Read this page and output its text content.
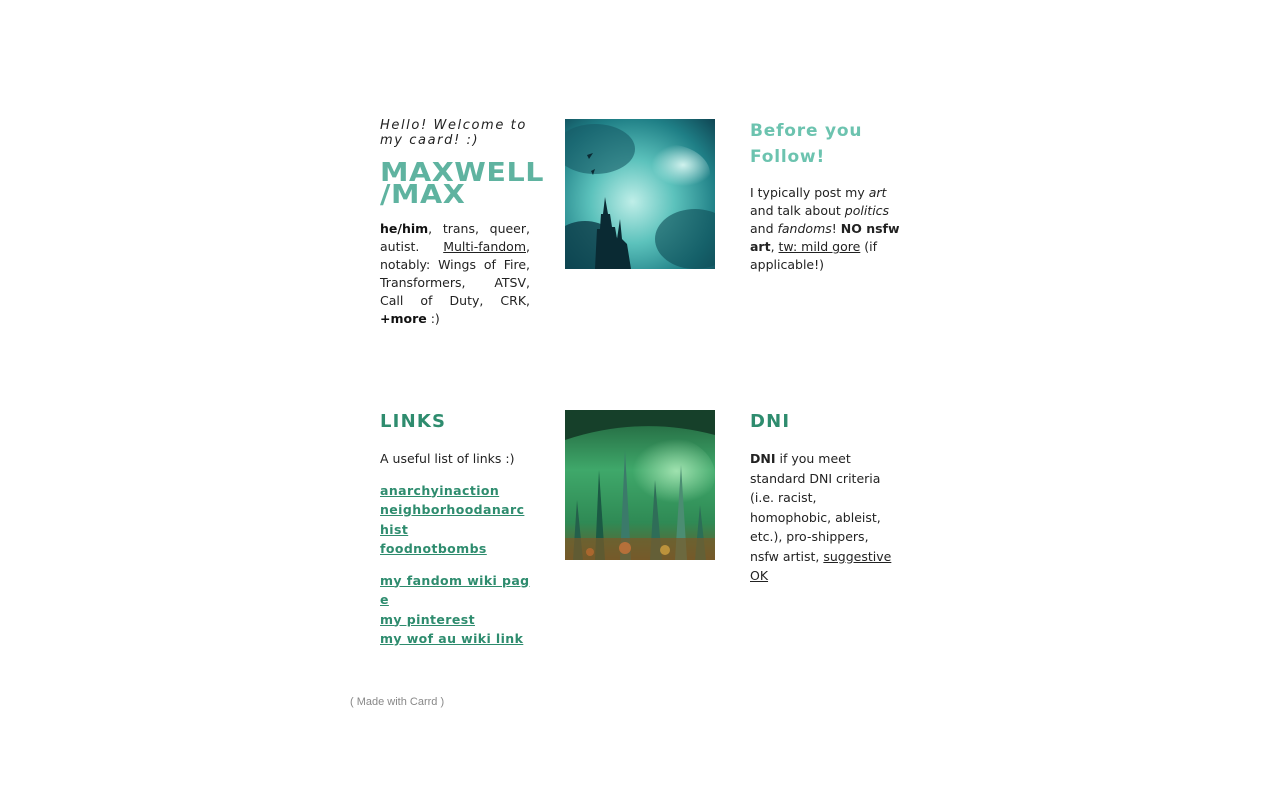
Hello! Welcome to my caard! :)

MAXWELL
/MAX

he/him, trans, queer, autist. Multi-fandom, notably: Wings of Fire, Transformers, ATSV, Call of Duty, CRK, +more :)

Before you Follow!

I typically post my art and talk about politics and fandoms! NO nsfw art, tw: mild gore (if applicable!)

LINKS

A useful list of links :)

anarchyinaction
neighborhoodanarchist
foodnotbombs
my fandom wiki page
my pinterest
my wof au wiki link
DNI

DNI if you meet standard DNI criteria (i.e. racist, homophobic, ableist, etc.), pro-shippers, nsfw artist, suggestive OK

( Made with Carrd )
